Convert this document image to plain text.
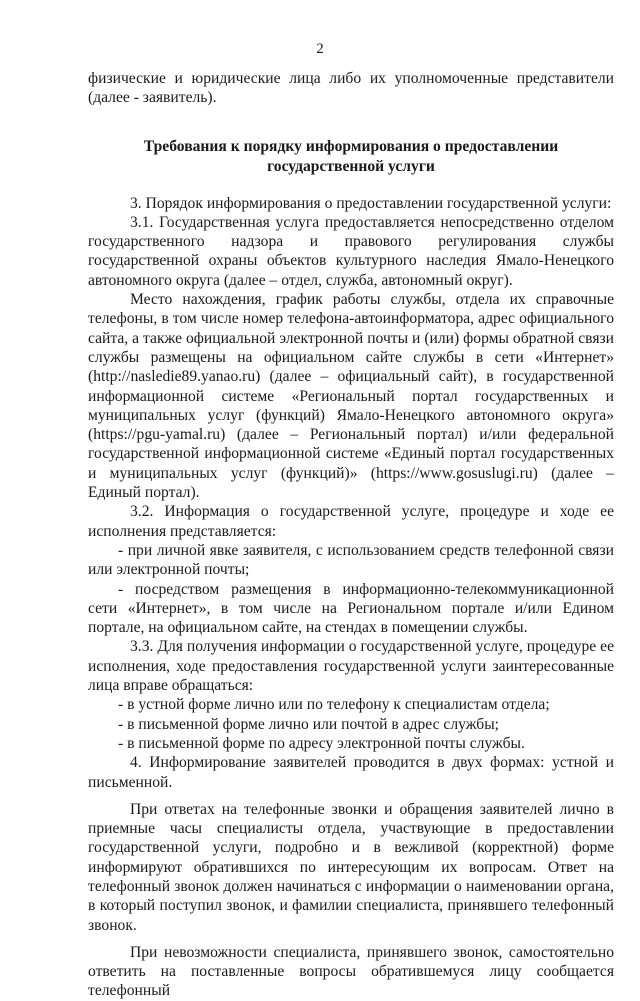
2

физические и юридические лица либо их уполномоченные представители (далее - заявитель).

Требования к порядку информирования о предоставлении государственной услуги

3. Порядок информирования о предоставлении государственной услуги:

3.1. Государственная услуга предоставляется непосредственно отделом государственного надзора и правового регулирования службы государственной охраны объектов культурного наследия Ямало-Ненецкого автономного округа (далее – отдел, служба, автономный округ).

Место нахождения, график работы службы, отдела их справочные телефоны, в том числе номер телефона-автоинформатора, адрес официального сайта, а также официальной электронной почты и (или) формы обратной связи службы размещены на официальном сайте службы в сети «Интернет» (http://nasledie89.yanao.ru) (далее – официальный сайт), в государственной информационной системе «Региональный портал государственных и муниципальных услуг (функций) Ямало-Ненецкого автономного округа» (https://pgu-yamal.ru) (далее – Региональный портал) и/или федеральной государственной информационной системе «Единый портал государственных и муниципальных услуг (функций)» (https://www.gosuslugi.ru) (далее – Единый портал).

3.2. Информация о государственной услуге, процедуре и ходе ее исполнения представляется:

- при личной явке заявителя, с использованием средств телефонной связи или электронной почты;

- посредством размещения в информационно-телекоммуникационной сети «Интернет», в том числе на Региональном портале и/или Едином портале, на официальном сайте, на стендах в помещении службы.

3.3. Для получения информации о государственной услуге, процедуре ее исполнения, ходе предоставления государственной услуги заинтересованные лица вправе обращаться:

- в устной форме лично или по телефону к специалистам отдела;

- в письменной форме лично или почтой в адрес службы;

- в письменной форме по адресу электронной почты службы.

4. Информирование заявителей проводится в двух формах: устной и письменной.

При ответах на телефонные звонки и обращения заявителей лично в приемные часы специалисты отдела, участвующие в предоставлении государственной услуги, подробно и в вежливой (корректной) форме информируют обратившихся по интересующим их вопросам. Ответ на телефонный звонок должен начинаться с информации о наименовании органа, в который поступил звонок, и фамилии специалиста, принявшего телефонный звонок.

При невозможности специалиста, принявшего звонок, самостоятельно ответить на поставленные вопросы обратившемуся лицу сообщается телефонный
